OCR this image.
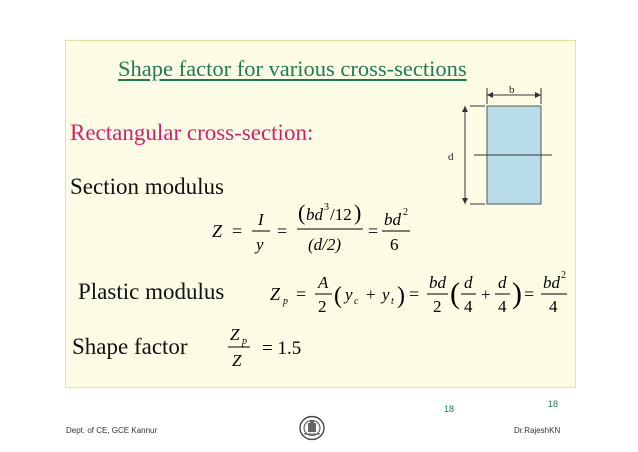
Shape factor for various cross-sections
Rectangular cross-section:
b
d
Section modulus
Z =
I
y
=
( bd 3 /12 )
(d/2)
=
bd 2
6
Plastic modulus	Z p =
A
2 ( y c + y t ) =
bd
2 ( d
4
+
d
4 ) =
bd 2
4
Shape factor Z p
Z
= 1.5
18	18
Dept. of CE, GCE Kannur	Dr.RajeshKN
